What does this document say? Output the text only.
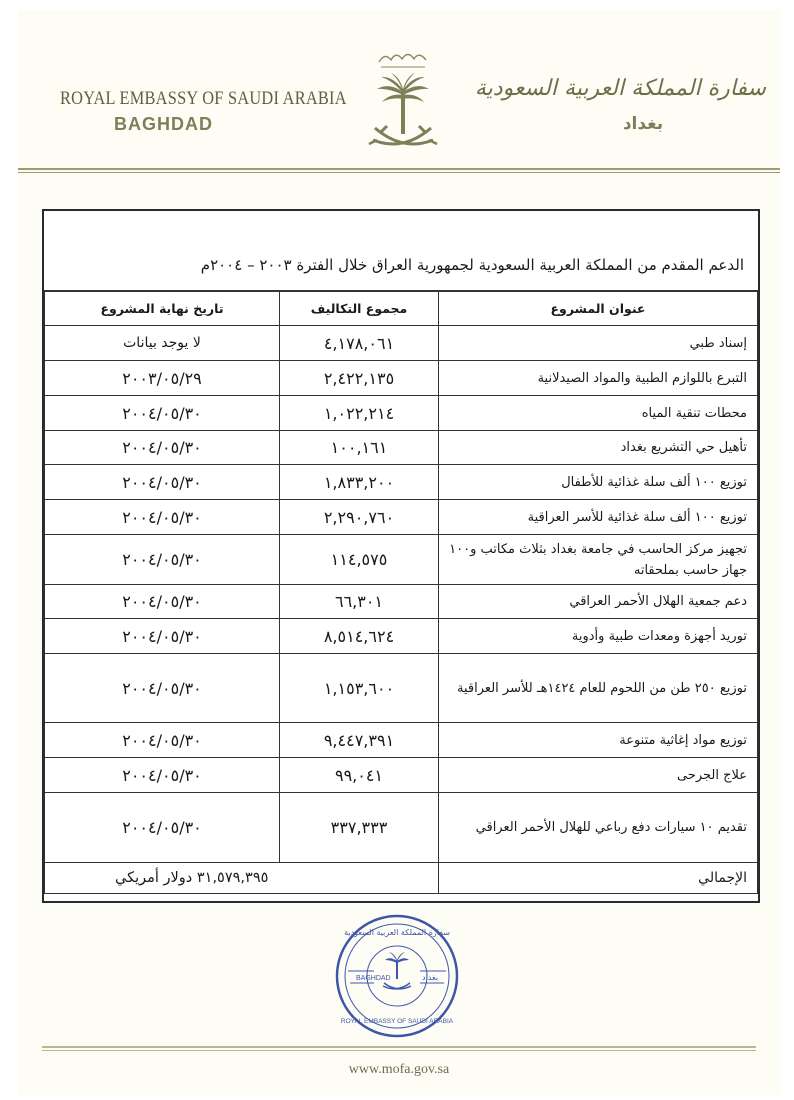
ROYAL EMBASSY OF SAUDI ARABIA
BAGHDAD
سفارة المملكة العربية السعودية
بغداد
الدعم المقدم من المملكة العربية السعودية لجمهورية العراق خلال الفترة ٢٠٠٣ – ٢٠٠٤م
عنوان المشروع	مجموع التكاليف	تاريخ نهاية المشروع
إسناد طبي	٤,١٧٨,٠٦١	لا يوجد بيانات
التبرع باللوازم الطبية والمواد الصيدلانية	٢,٤٢٢,١٣٥	٢٠٠٣/٠٥/٢٩
محطات تنقية المياه	١,٠٢٢,٢١٤	٢٠٠٤/٠٥/٣٠
تأهيل حي التشريع بغداد	١٠٠,١٦١	٢٠٠٤/٠٥/٣٠
توزيع ١٠٠ ألف سلة غذائية للأطفال	١,٨٣٣,٢٠٠	٢٠٠٤/٠٥/٣٠
توزيع ١٠٠ ألف سلة غذائية للأسر العراقية	٢,٢٩٠,٧٦٠	٢٠٠٤/٠٥/٣٠
تجهيز مركز الحاسب في جامعة بغداد بثلاث مكاتب و١٠٠ جهاز حاسب بملحقاته	١١٤,٥٧٥	٢٠٠٤/٠٥/٣٠
دعم جمعية الهلال الأحمر العراقي	٦٦,٣٠١	٢٠٠٤/٠٥/٣٠
توريد أجهزة ومعدات طبية وأدوية	٨,٥١٤,٦٢٤	٢٠٠٤/٠٥/٣٠
توزيع ٢٥٠ طن من اللحوم للعام ١٤٢٤هـ للأسر العراقية	١,١٥٣,٦٠٠	٢٠٠٤/٠٥/٣٠
توزيع مواد إغاثية متنوعة	٩,٤٤٧,٣٩١	٢٠٠٤/٠٥/٣٠
علاج الجرحى	٩٩,٠٤١	٢٠٠٤/٠٥/٣٠
تقديم ١٠ سيارات دفع رباعي للهلال الأحمر العراقي	٣٣٧,٣٣٣	٢٠٠٤/٠٥/٣٠
الإجمالي	٣١,٥٧٩,٣٩٥ دولار أمريكي	
BAGHDAD	بغداد
سفارة المملكة العربية السعودية
ROYAL EMBASSY OF SAUDI ARABIA
www.mofa.gov.sa
